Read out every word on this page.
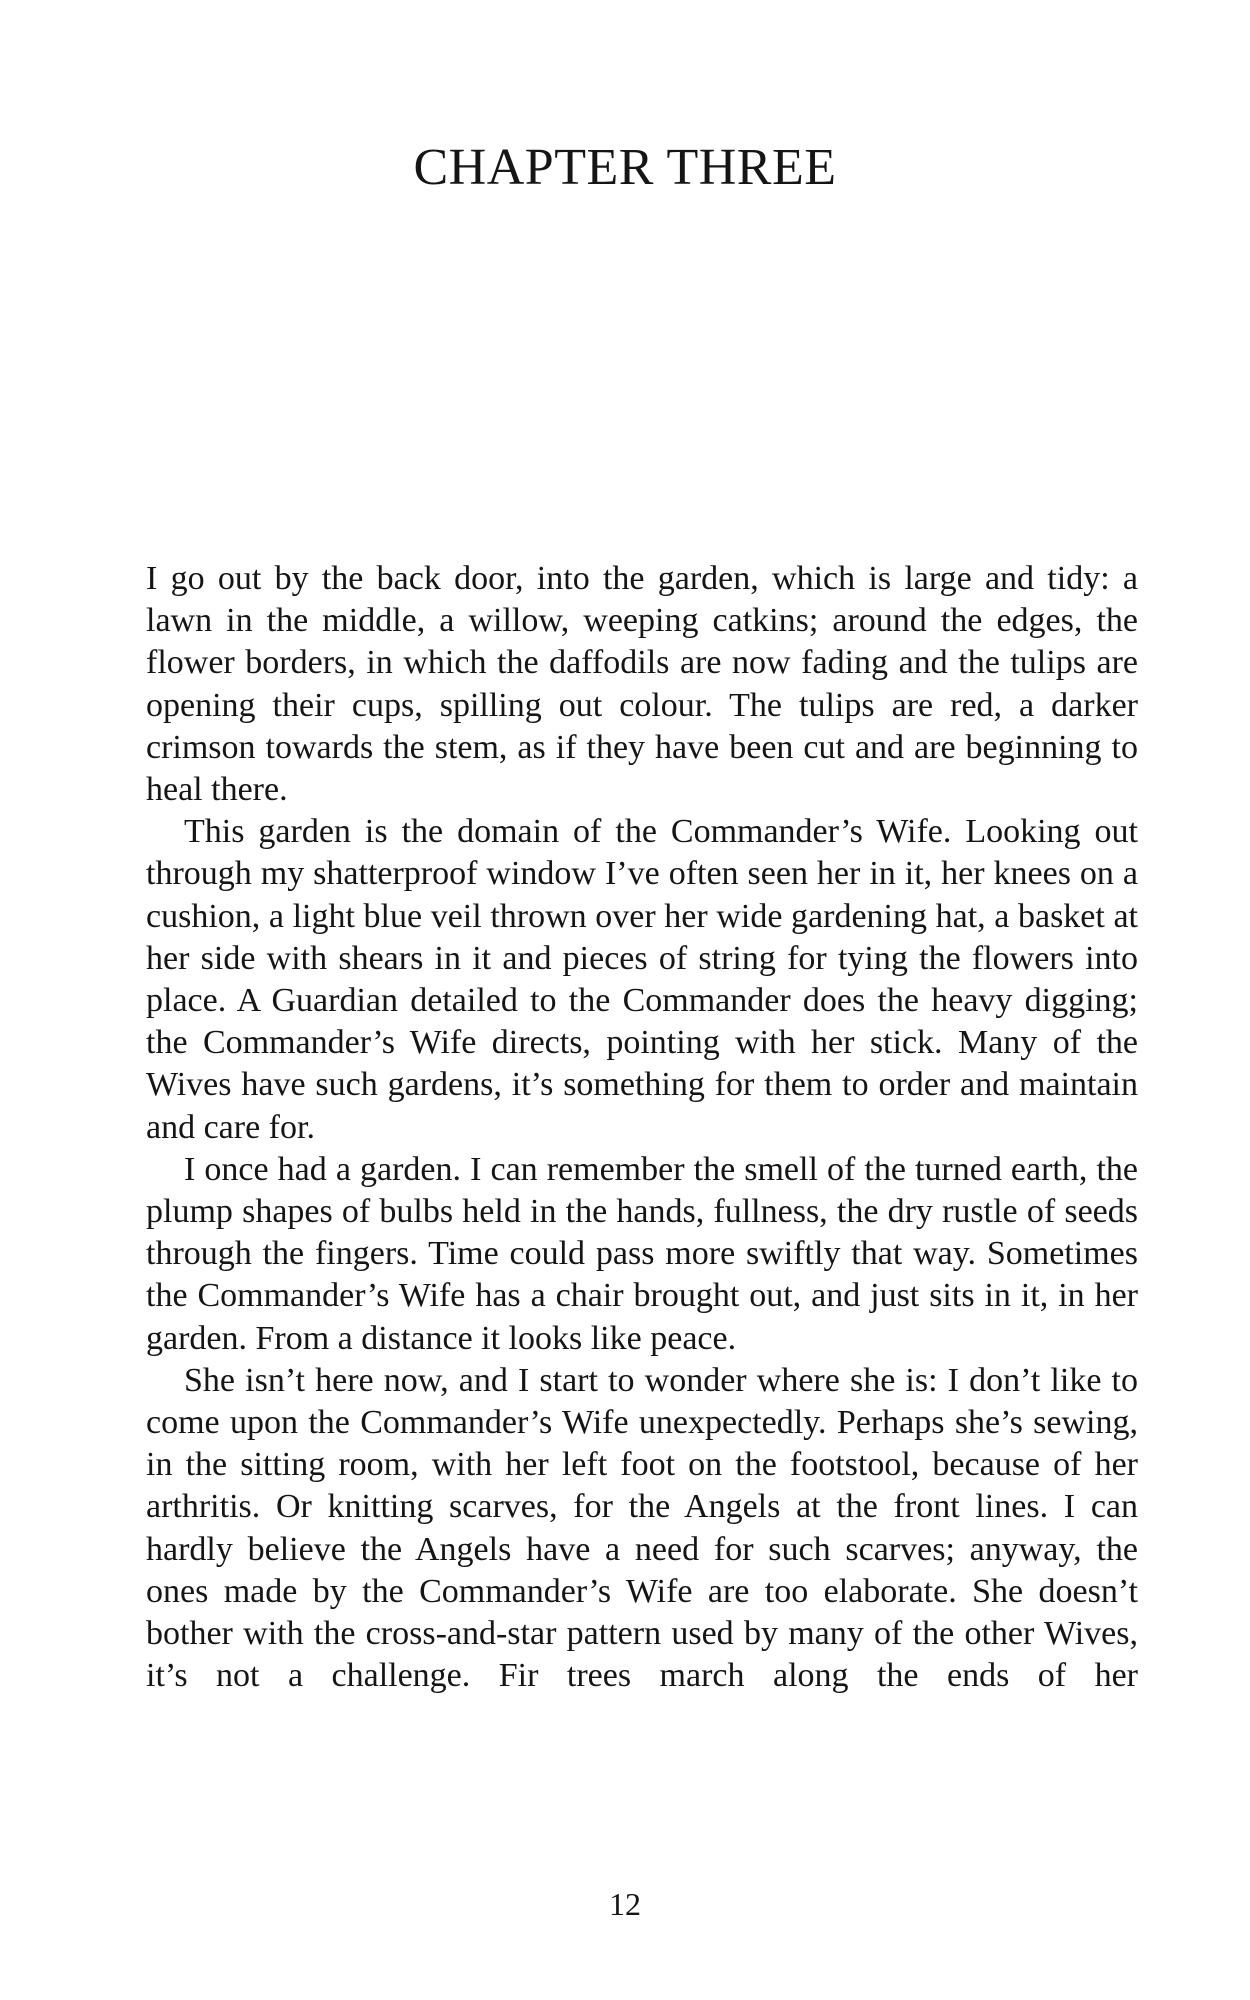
CHAPTER THREE

I go out by the back door, into the garden, which is large and tidy: a lawn in the middle, a willow, weeping catkins; around the edges, the flower borders, in which the daffodils are now fading and the tulips are opening their cups, spilling out colour. The tulips are red, a darker crimson towards the stem, as if they have been cut and are beginning to heal there.

This garden is the domain of the Commander’s Wife. Looking out through my shatterproof window I’ve often seen her in it, her knees on a cushion, a light blue veil thrown over her wide gardening hat, a basket at her side with shears in it and pieces of string for tying the flowers into place. A Guardian detailed to the Commander does the heavy digging; the Commander’s Wife directs, pointing with her stick. Many of the Wives have such gardens, it’s something for them to order and maintain and care for.

I once had a garden. I can remember the smell of the turned earth, the plump shapes of bulbs held in the hands, fullness, the dry rustle of seeds through the fingers. Time could pass more swiftly that way. Sometimes the Commander’s Wife has a chair brought out, and just sits in it, in her garden. From a distance it looks like peace.

She isn’t here now, and I start to wonder where she is: I don’t like to come upon the Commander’s Wife unexpectedly. Perhaps she’s sewing, in the sitting room, with her left foot on the footstool, because of her arthritis. Or knitting scarves, for the Angels at the front lines. I can hardly believe the Angels have a need for such scarves; anyway, the ones made by the Commander’s Wife are too elaborate. She doesn’t bother with the cross-and-star pattern used by many of the other Wives, it’s not a challenge. Fir trees march along the ends of her

12
